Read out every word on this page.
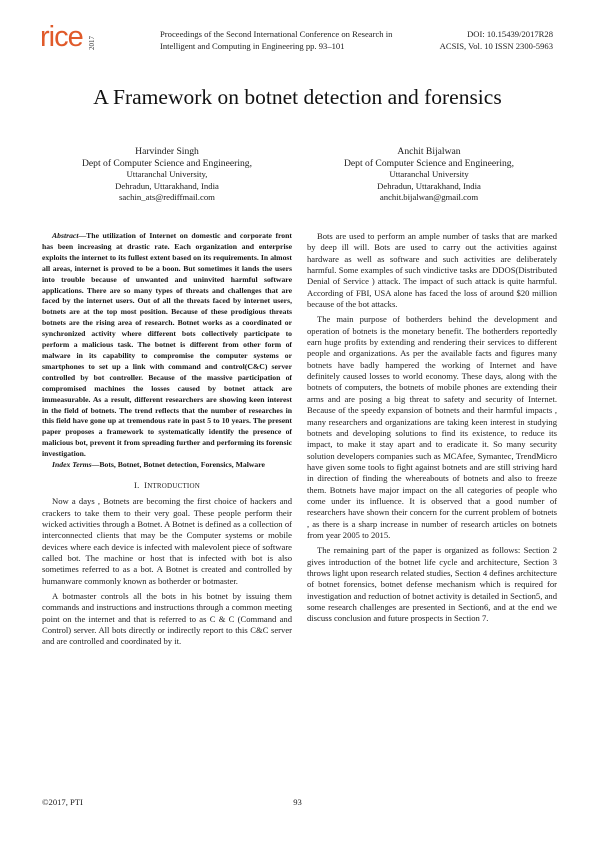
rice 2017
Proceedings of the Second International Conference on Research in
Intelligent and Computing in Engineering pp. 93–101
DOI: 10.15439/2017R28
ACSIS, Vol. 10 ISSN 2300-5963
A Framework on botnet detection and forensics
Harvinder Singh
Dept of Computer Science and Engineering,
Uttaranchal University,
Dehradun, Uttarakhand, India
sachin_ats@rediffmail.com
Anchit Bijalwan
Dept of Computer Science and Engineering,
Uttaranchal University
Dehradun, Uttarakhand, India
anchit.bijalwan@gmail.com

Abstract—The utilization of Internet on domestic and corporate front has been increasing at drastic rate. Each organization and enterprise exploits the internet to its fullest extent based on its requirements. In almost all areas, internet is proved to be a boon. But sometimes it lands the users into trouble because of unwanted and uninvited harmful software applications. There are so many types of threats and challenges that are faced by the internet users. Out of all the threats faced by internet users, botnets are at the top most position. Because of these prodigious threats botnets are the rising area of research. Botnet works as a coordinated or synchronized activity where different bots collectively participate to perform a malicious task. The botnet is different from other form of malware in its capability to compromise the computer systems or smartphones to set up a link with command and control(C&C) server controlled by bot controller. Because of the massive participation of compromised machines the losses caused by botnet attack are immeasurable. As a result, different researchers are showing keen interest in the field of botnets. The trend reflects that the number of researches in this field have gone up at tremendous rate in past 5 to 10 years. The present paper proposes a framework to systematically identify the presence of malicious bot, prevent it from spreading further and performing its forensic investigation.

Index Terms—Bots, Botnet, Botnet detection, Forensics, Malware

I. INTRODUCTION

Now a days , Botnets are becoming the first choice of hackers and crackers to take them to their very goal. These people perform their wicked activities through a Botnet. A Botnet is defined as a collection of interconnected clients that may be the Computer systems or mobile devices where each device is infected with malevolent piece of software called bot. The machine or host that is infected with bot is also sometimes referred to as a bot. A Botnet is created and controlled by humanware commonly known as botherder or botmaster.

A botmaster controls all the bots in his botnet by issuing them commands and instructions and instructions through a common meeting point on the internet and that is referred to as C & C (Command and Control) server. All bots directly or indirectly report to this C&C server and are controlled and coordinated by it.

Bots are used to perform an ample number of tasks that are marked by deep ill will. Bots are used to carry out the activities against hardware as well as software and such activities are deliberately harmful. Some examples of such vindictive tasks are DDOS(Distributed Denial of Service ) attack. The impact of such attack is quite harmful. According of FBI, USA alone has faced the loss of around $20 million because of the bot attacks.

The main purpose of botherders behind the development and operation of botnets is the monetary benefit. The botherders reportedly earn huge profits by extending and rendering their services to different people and organizations. As per the available facts and figures many botnets have badly hampered the working of Internet and have definitely caused losses to world economy. These days, along with the botnets of computers, the botnets of mobile phones are extending their arms and are posing a big threat to safety and security of Internet. Because of the speedy expansion of botnets and their harmful impacts , many researchers and organizations are taking keen interest in studying botnets and developing solutions to find its existence, to reduce its impact, to make it stay apart and to eradicate it. So many security solution developers companies such as MCAfee, Symantec, TrendMicro have given some tools to fight against botnets and are still striving hard in direction of finding the whereabouts of botnets and also to freeze them. Botnets have major impact on the all categories of people who come under its influence. It is observed that a good number of researchers have shown their concern for the current problem of botnets , as there is a sharp increase in number of research articles on botnets from year 2005 to 2015.

The remaining part of the paper is organized as follows: Section 2 gives introduction of the botnet life cycle and architecture, Section 3 throws light upon research related studies, Section 4 defines architecture of botnet forensics, botnet defense mechanism which is required for investigation and reduction of botnet activity is detailed in Section5, and some research challenges are presented in Section6, and at the end we discuss conclusion and future prospects in Section 7.

©2017, PTI	93
